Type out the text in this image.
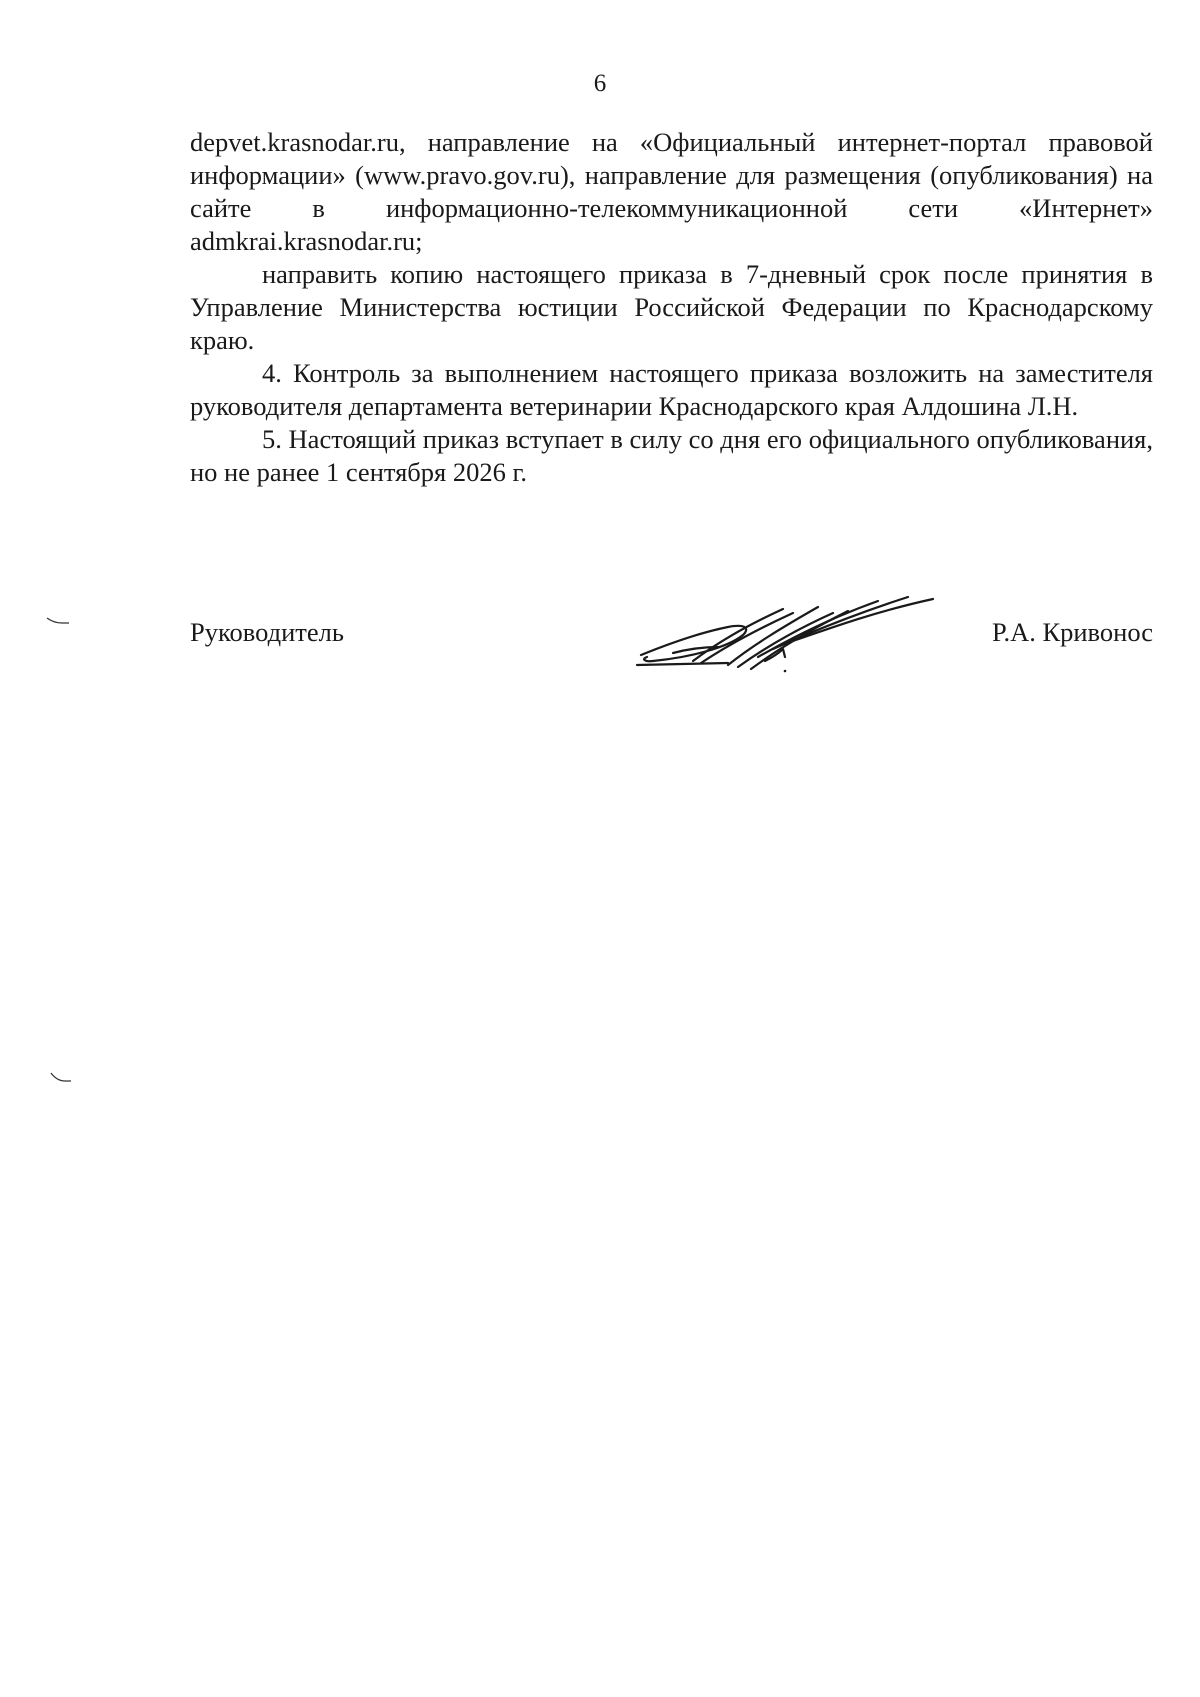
6

depvet.krasnodar.ru, направление на «Официальный интернет-портал правовой информации» (www.pravo.gov.ru), направление для размещения (опубликования) на сайте в информационно-телекоммуникационной сети «Интернет» admkrai.krasnodar.ru;

направить копию настоящего приказа в 7-дневный срок после принятия в Управление Министерства юстиции Российской Федерации по Краснодарскому краю.

4. Контроль за выполнением настоящего приказа возложить на заместителя руководителя департамента ветеринарии Краснодарского края Алдошина Л.Н.

5. Настоящий приказ вступает в силу со дня его официального опубликования, но не ранее 1 сентября 2026 г.

Руководитель	Р.А. Кривонос
